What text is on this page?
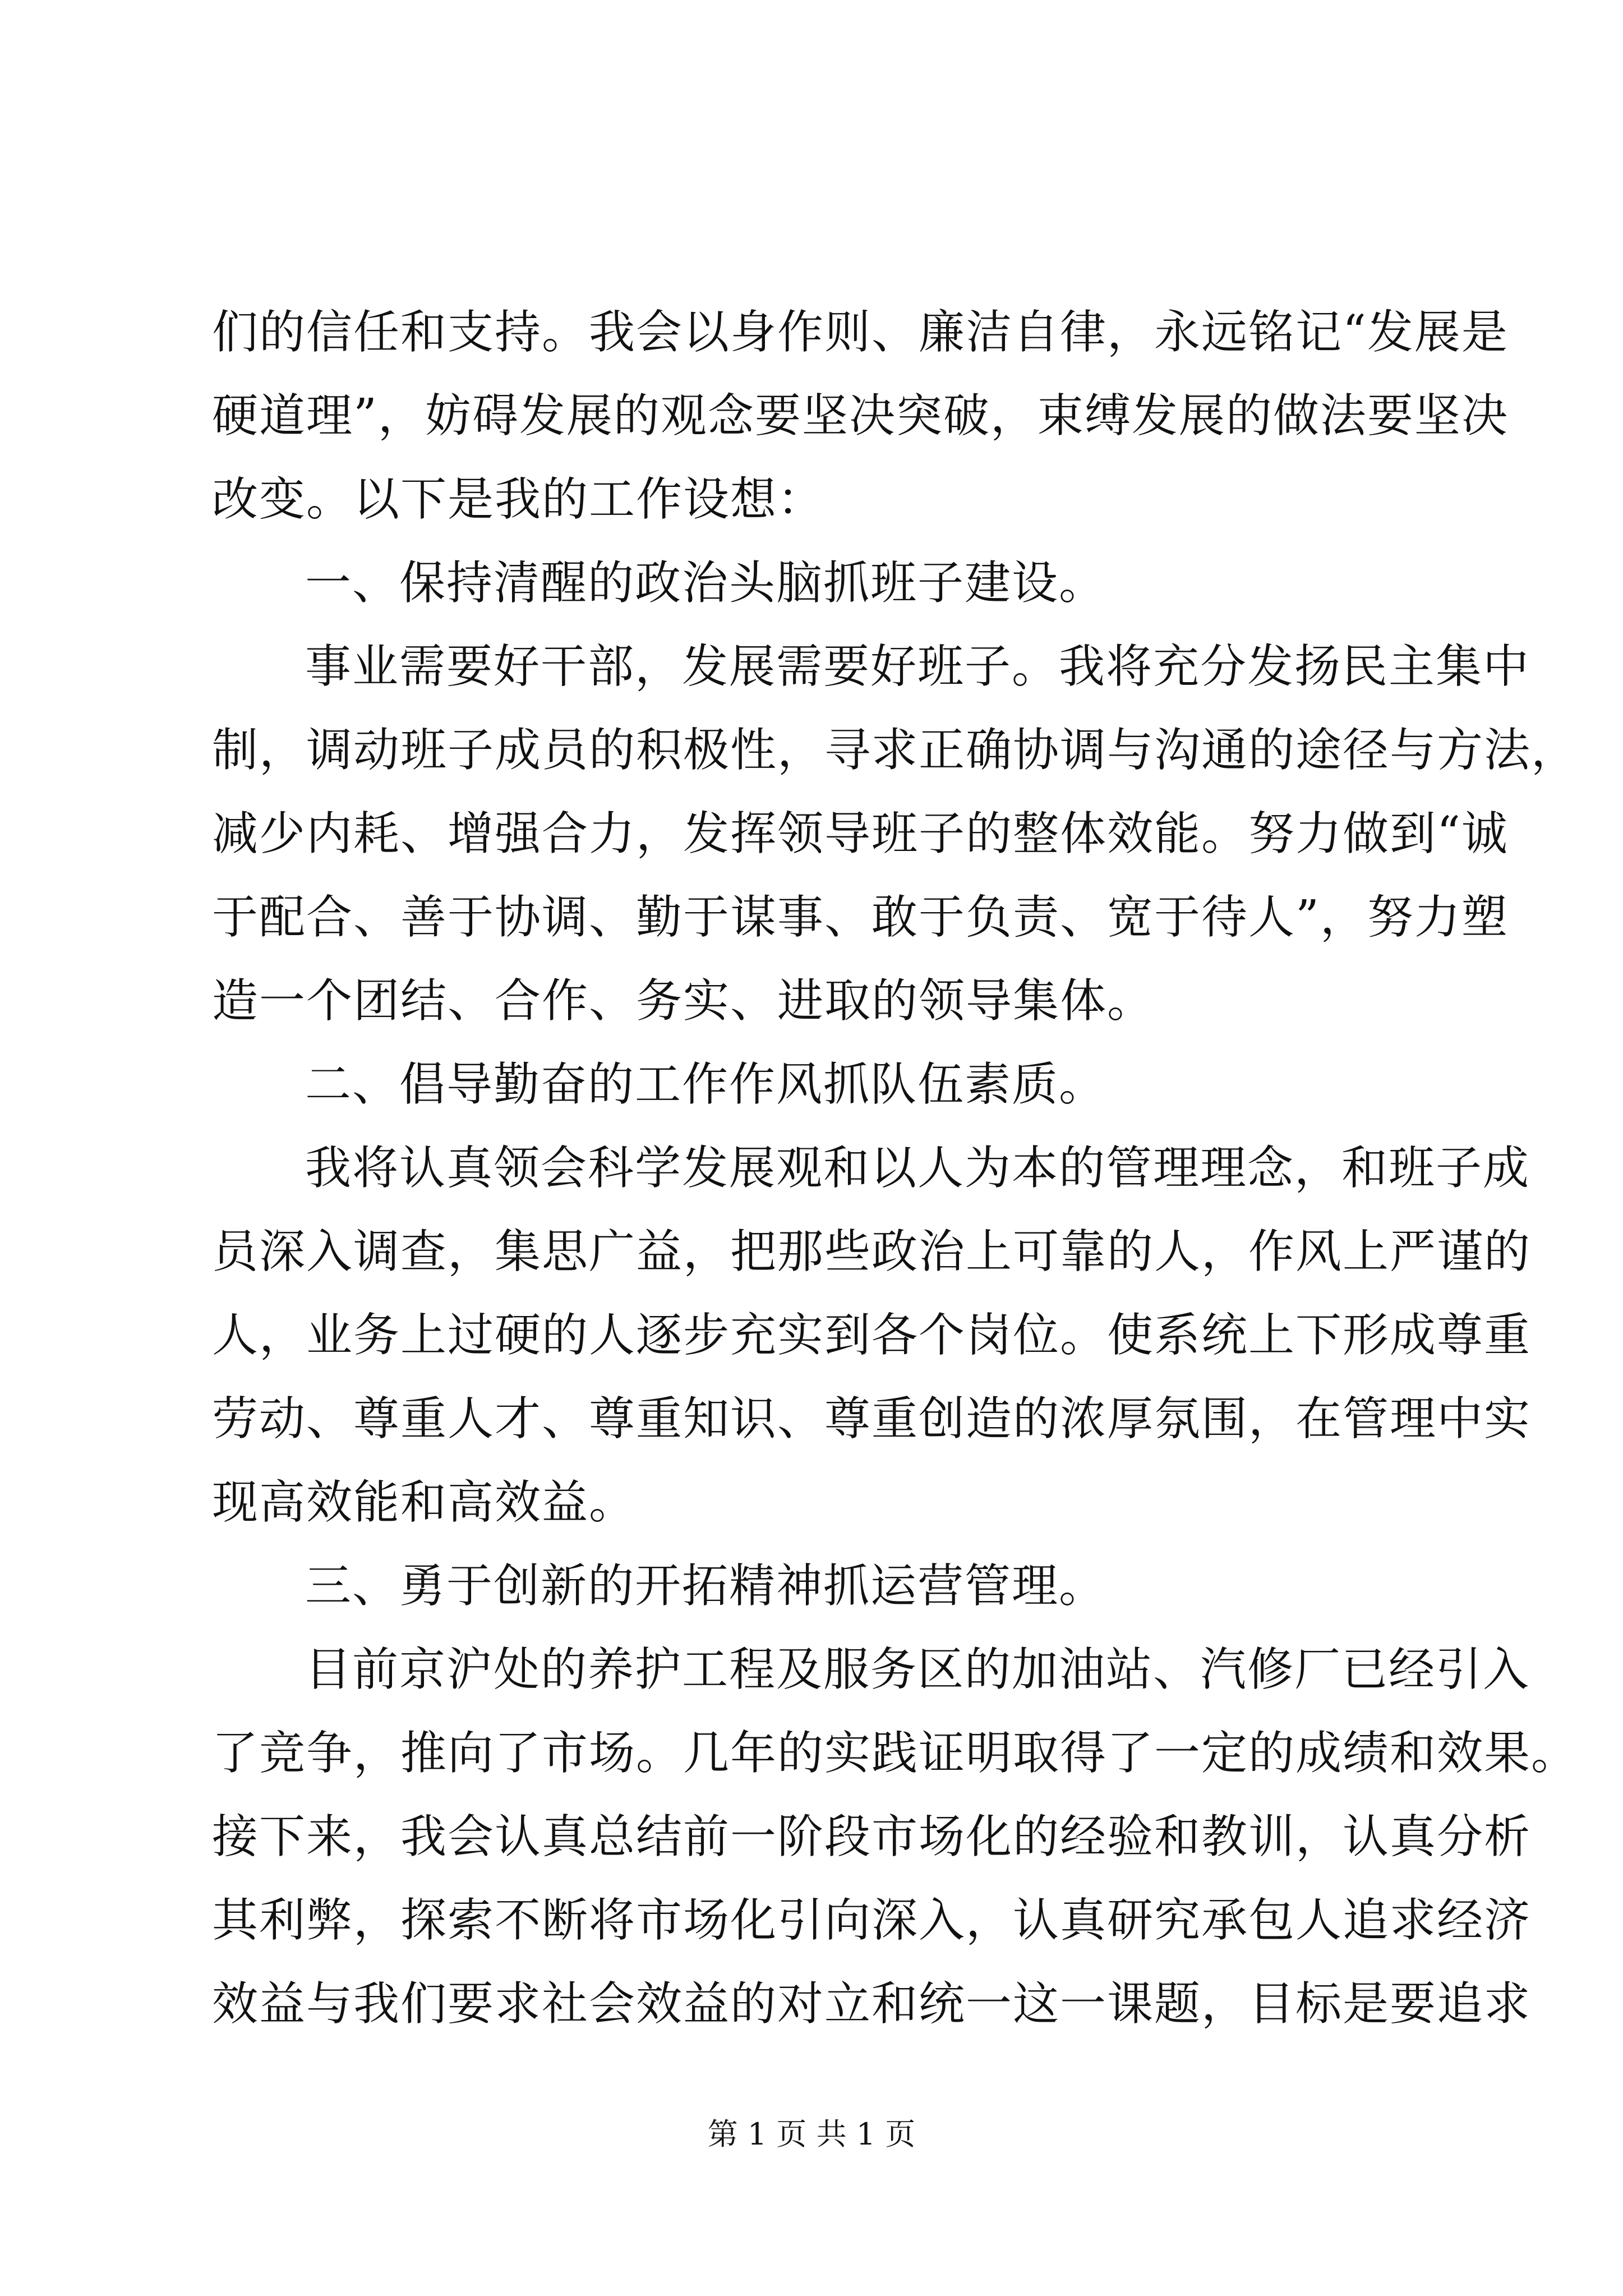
们的信任和支持。我会以身作则、廉洁自律，永远铭记“发展是
硬道理”，妨碍发展的观念要坚决突破，束缚发展的做法要坚决
改变。以下是我的工作设想：
一、保持清醒的政治头脑抓班子建设。
事业需要好干部，发展需要好班子。我将充分发扬民主集中
制，调动班子成员的积极性，寻求正确协调与沟通的途径与方法，
减少内耗、增强合力，发挥领导班子的整体效能。努力做到“诚
于配合、善于协调、勤于谋事、敢于负责、宽于待人”，努力塑
造一个团结、合作、务实、进取的领导集体。
二、倡导勤奋的工作作风抓队伍素质。
我将认真领会科学发展观和以人为本的管理理念，和班子成
员深入调查，集思广益，把那些政治上可靠的人，作风上严谨的
人，业务上过硬的人逐步充实到各个岗位。使系统上下形成尊重
劳动、尊重人才、尊重知识、尊重创造的浓厚氛围，在管理中实
现高效能和高效益。
三、勇于创新的开拓精神抓运营管理。
目前京沪处的养护工程及服务区的加油站、汽修厂已经引入
了竞争，推向了市场。几年的实践证明取得了一定的成绩和效果。
接下来，我会认真总结前一阶段市场化的经验和教训，认真分析
其利弊，探索不断将市场化引向深入，认真研究承包人追求经济
效益与我们要求社会效益的对立和统一这一课题，目标是要追求
第 1 页 共 1 页
